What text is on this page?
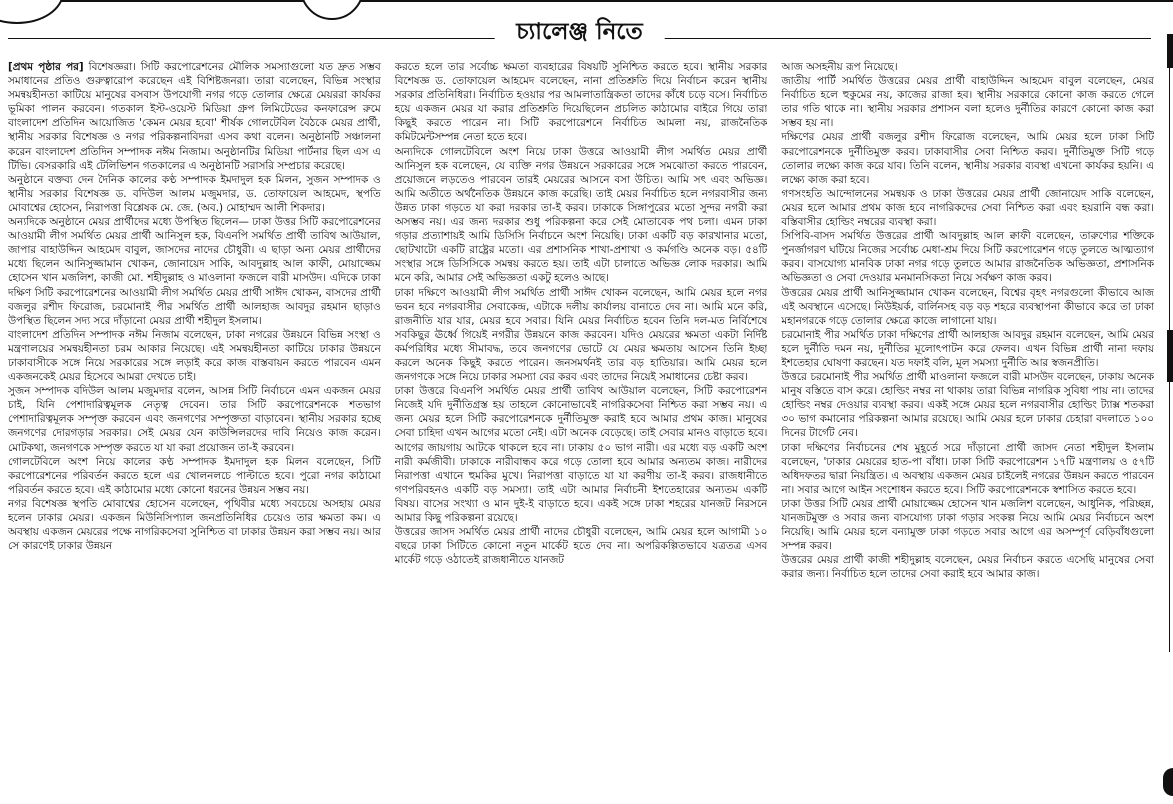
চ্যালেঞ্জ নিতে

[প্রথম পৃষ্ঠার পর] বিশেষজ্ঞরা। সিটি করপোরেশনের মৌলিক সমস্যাগুলো যত দ্রুত সম্ভব সমাধানের প্রতিও গুরুত্বারোপ করেছেন এই বিশিষ্টজনরা। তারা বলেছেন, বিভিন্ন সংস্থার সমন্বয়হীনতা কাটিয়ে মানুষের বসবাস উপযোগী নগর গড়ে তোলার ক্ষেত্রে মেয়ররা কার্যকর ভূমিকা পালন করবেন। গতকাল ইস্ট-ওয়েস্ট মিডিয়া গ্রুপ লিমিটেডের কনফারেন্স রুমে বাংলাদেশ প্রতিদিন আয়োজিত 'কেমন মেয়র হবো' শীর্ষক গোলটেবিল বৈঠকে মেয়র প্রার্থী, স্থানীয় সরকার বিশেষজ্ঞ ও নগর পরিকল্পনাবিদরা এসব কথা বলেন। অনুষ্ঠানটি সঞ্চালনা করেন বাংলাদেশ প্রতিদিন সম্পাদক নঈম নিজাম। অনুষ্ঠানটির মিডিয়া পার্টনার ছিল এস এ টিভি। বেসরকারি এই টেলিভিশন গতকালের এ অনুষ্ঠানটি সরাসরি সম্প্রচার করেছে।

অনুষ্ঠানে বক্তব্য দেন দৈনিক কালের কণ্ঠ সম্পাদক ইমদাদুল হক মিলন, সুজন সম্পাদক ও স্থানীয় সরকার বিশেষজ্ঞ ড. বদিউল আলম মজুমদার, ড. তোফায়েল আহমেদ, স্থপতি মোবাশ্বের হোসেন, নিরাপত্তা বিশ্লেষক মে. জে. (অব.) মোহাম্মদ আলী শিকদার।

অন্যদিকে অনুষ্ঠানে মেয়র প্রার্থীদের মধ্যে উপস্থিত ছিলেন— ঢাকা উত্তর সিটি করপোরেশনের আওয়ামী লীগ সমর্থিত মেয়র প্রার্থী আনিসুল হক, বিএনপি সমর্থিত প্রার্থী তাবিথ আউয়াল, জাপার বাহাউদ্দিন আহমেদ বাবুল, জাসদের নাদের চৌধুরী। এ ছাড়া অন্য মেয়র প্রার্থীদের মধ্যে ছিলেন আনিসুজ্জামান খোকন, জোনায়েদ সাকি, আবদুল্লাহ আল কাফী, মোয়াজ্জেম হোসেন খান মজলিশ, কাজী মো. শহীদুল্লাহ ও মাওলানা ফজলে বারী মাসউদ। এদিকে ঢাকা দক্ষিণ সিটি করপোরেশনের আওয়ামী লীগ সমর্থিত মেয়র প্রার্থী সাঈদ খোকন, বাসদের প্রার্থী বজলুর রশীদ ফিরোজ, চরমোনাই পীর সমর্থিত প্রার্থী আলহাজ আবদুর রহমান ছাড়াও উপস্থিত ছিলেন সদ্য সরে দাঁড়ানো মেয়র প্রার্থী শহীদুল ইসলাম।

বাংলাদেশ প্রতিদিন সম্পাদক নঈম নিজাম বলেছেন, ঢাকা নগরের উন্নয়নে বিভিন্ন সংস্থা ও মন্ত্রণালয়ের সমন্বয়হীনতা চরম আকার নিয়েছে। এই সমন্বয়হীনতা কাটিয়ে ঢাকার উন্নয়নে ঢাকাবাসীকে সঙ্গে নিয়ে সরকারের সঙ্গে লড়াই করে কাজ বাস্তবায়ন করতে পারবেন এমন একজনকেই মেয়র হিসেবে আমরা দেখতে চাই।

সুজন সম্পাদক বদিউল আলম মজুমদার বলেন, আসন্ন সিটি নির্বাচনে এমন একজন মেয়র চাই, যিনি পেশাদারিত্বমূলক নেতৃত্ব দেবেন। তার সিটি করপোরেশনকে শতভাগ পেশাদারিত্বমূলক সম্পৃক্ত করবেন এবং জনগণের সম্পৃক্ততা বাড়াবেন। স্থানীয় সরকার হচ্ছে জনগণের দোরগড়ার সরকার। সেই মেয়র যেন কাউন্সিলরদের দাবি নিয়েও কাজ করেন। মোটকথা, জনগণকে সম্পৃক্ত করতে যা যা করা প্রয়োজন তা-ই করবেন।

গোলটেবিলে অংশ নিয়ে কালের কণ্ঠ সম্পাদক ইমদাদুল হক মিলন বলেছেন, সিটি করপোরেশনের পরিবর্তন করতে হলে এর খোলনলচে পাল্টাতে হবে। পুরো নগর কাঠামো পরিবর্তন করতে হবে। এই কাঠামোর মধ্যে কোনো ধরনের উন্নয়ন সম্ভব নয়।

নগর বিশেষজ্ঞ স্থপতি মোবাশ্বের হোসেন বলেছেন, পৃথিবীর মধ্যে সবচেয়ে অসহায় মেয়র হলেন ঢাকার মেয়র। একজন মিউনিসিপ্যাল জনপ্রতিনিধির চেয়েও তার ক্ষমতা কম। এ অবস্থায় একজন মেয়রের পক্ষে নাগরিকসেবা সুনিশ্চিত বা ঢাকার উন্নয়ন করা সম্ভব নয়। আর সে কারণেই ঢাকার উন্নয়ন

করতে হলে তার সর্বোচ্চ ক্ষমতা ব্যবহারের বিষয়টি সুনিশ্চিত করতে হবে। স্থানীয় সরকার বিশেষজ্ঞ ড. তোফায়েল আহমেদ বলেছেন, নানা প্রতিশ্রুতি দিয়ে নির্বাচন করেন স্থানীয় সরকার প্রতিনিধিরা। নির্বাচিত হওয়ার পর আমলাতান্ত্রিকতা তাদের কাঁধে চড়ে বসে। নির্বাচিত হয়ে একজন মেয়র যা করার প্রতিশ্রুতি দিয়েছিলেন প্রচলিত কাঠামোর বাইরে গিয়ে তারা কিছুই করতে পারেন না। সিটি করপোরেশনে নির্বাচিত আমলা নয়, রাজনৈতিক কমিটমেন্টসম্পন্ন নেতা হতে হবে।

অন্যদিকে গোলটেবিলে অংশ নিয়ে ঢাকা উত্তরে আওয়ামী লীগ সমর্থিত মেয়র প্রার্থী আনিসুল হক বলেছেন, যে ব্যক্তি নগর উন্নয়নে সরকারের সঙ্গে সমঝোতা করতে পারবেন, প্রয়োজনে লড়তেও পারবেন তারই মেয়রের আসনে বসা উচিত। আমি সৎ এবং অভিজ্ঞ। আমি অতীতে অর্থনৈতিক উন্নয়নে কাজ করেছি। তাই মেয়র নির্বাচিত হলে নগরবাসীর জন্য উন্নত ঢাকা গড়তে যা করা দরকার তা-ই করব। ঢাকাকে সিঙ্গাপুরের মতো সুন্দর নগরী করা অসম্ভব নয়। এর জন্য দরকার শুধু পরিকল্পনা করে সেই মোতাবেক পথ চলা। এমন ঢাকা গড়ার প্রত্যাশায়ই আমি ডিসিসি নির্বাচনে অংশ নিয়েছি। ঢাকা একটি বড় কারখানার মতো, ছোটখাটো একটি রাষ্ট্রের মতো। এর প্রশাসনিক শাখা-প্রশাখা ও কর্মগণ্ডি অনেক বড়। ৫৪টি সংস্থার সঙ্গে ডিসিসিকে সমন্বয় করতে হয়। তাই এটা চালাতে অভিজ্ঞ লোক দরকার। আমি মনে করি, আমার সেই অভিজ্ঞতা একটু হলেও আছে।

ঢাকা দক্ষিণে আওয়ামী লীগ সমর্থিত প্রার্থী সাঈদ খোকন বলেছেন, আমি মেয়র হলে নগর ভবন হবে নগরবাসীর সেবাকেন্দ্র, এটাকে দলীয় কার্যালয় বানাতে দেব না। আমি মনে করি, রাজনীতি যার যার, মেয়র হবে সবার। যিনি মেয়র নির্বাচিত হবেন তিনি দল-মত নির্বিশেষে সবকিছুর ঊর্ধ্বে গিয়েই নগরীর উন্নয়নে কাজ করবেন। যদিও মেয়রের ক্ষমতা একটা নির্দিষ্ট কর্মপরিধির মধ্যে সীমাবদ্ধ, তবে জনগণের ভোটে যে মেয়র ক্ষমতায় আসেন তিনি ইচ্ছা করলে অনেক কিছুই করতে পারেন। জনসমর্থনই তার বড় হাতিয়ার। আমি মেয়র হলে জনগণকে সঙ্গে নিয়ে ঢাকার সমস্যা বের করব এবং তাদের নিয়েই সমাধানের চেষ্টা করব।

ঢাকা উত্তরে বিএনপি সমর্থিত মেয়র প্রার্থী তাবিথ আউয়াল বলেছেন, সিটি করপোরেশন নিজেই যদি দুর্নীতিগ্রস্ত হয় তাহলে কোনোভাবেই নাগরিকসেবা নিশ্চিত করা সম্ভব নয়। এ জন্য মেয়র হলে সিটি করপোরেশনকে দুর্নীতিমুক্ত করাই হবে আমার প্রথম কাজ। মানুষের সেবা চাহিদা এখন আগের মতো নেই। এটা অনেক বেড়েছে। তাই সেবার মানও বাড়াতে হবে। আগের জায়গায় আটকে থাকলে হবে না। ঢাকায় ৫০ ভাগ নারী। এর মধ্যে বড় একটি অংশ নারী কর্মজীবী। ঢাকাকে নারীবান্ধব করে গড়ে তোলা হবে আমার অন্যতম কাজ। নারীদের নিরাপত্তা এখানে হুমকির মুখে। নিরাপত্তা বাড়াতে যা যা করণীয় তা-ই করব। রাজধানীতে গণপরিবহনও একটি বড় সমস্যা। তাই এটা আমার নির্বাচনী ইশতেহারের অন্যতম একটি বিষয়। বাসের সংখ্যা ও মান দুই-ই বাড়াতে হবে। একই সঙ্গে ঢাকা শহরের যানজট নিরসনে আমার কিছু পরিকল্পনা রয়েছে।

উত্তরের জাসদ সমর্থিত মেয়র প্রার্থী নাদের চৌধুরী বলেছেন, আমি মেয়র হলে আগামী ১০ বছরে ঢাকা সিটিতে কোনো নতুন মার্কেট হতে দেব না। অপরিকল্পিতভাবে যত্রতত্র এসব মার্কেট গড়ে ওঠাতেই রাজধানীতে যানজট

আজ অসহনীয় রূপ নিয়েছে।

জাতীয় পার্টি সমর্থিত উত্তরের মেয়র প্রার্থী বাহাউদ্দিন আহমেদ বাবুল বলেছেন, মেয়র নির্বাচিত হলে হুকুমের নয়, কাজের রাজা হব। স্থানীয় সরকারে কোনো কাজ করতে গেলে তার গতি থাকে না। স্থানীয় সরকার প্রশাসন বলা হলেও দুর্নীতির কারণে কোনো কাজ করা সম্ভব হয় না।

দক্ষিণের মেয়র প্রার্থী বজলুর রশীদ ফিরোজ বলেছেন, আমি মেয়র হলে ঢাকা সিটি করপোরেশনকে দুর্নীতিমুক্ত করব। ঢাকাবাসীর সেবা নিশ্চিত করব। দুর্নীতিমুক্ত সিটি গড়ে তোলার লক্ষ্যে কাজ করে যাব। তিনি বলেন, স্থানীয় সরকার ব্যবস্থা এখনো কার্যকর হয়নি। এ লক্ষ্যে কাজ করা হবে।

গণসংহতি আন্দোলনের সমন্বয়ক ও ঢাকা উত্তরের মেয়র প্রার্থী জোনায়েদ সাকি বলেছেন, মেয়র হলে আমার প্রথম কাজ হবে নাগরিকদের সেবা নিশ্চিত করা এবং হয়রানি বন্ধ করা। বস্তিবাসীর হোল্ডিং নম্বরের ব্যবস্থা করা।

সিপিবি-বাসদ সমর্থিত উত্তরের প্রার্থী আবদুল্লাহ আল ক্বাফী বলেছেন, তারুণ্যের শক্তিকে পুনর্জাগরণ ঘটিয়ে নিজের সর্বোচ্চ মেধা-শ্রম দিয়ে সিটি করপোরেশন গড়ে তুলতে আত্মত্যাগ করব। বাসযোগ্য মানবিক ঢাকা নগর গড়ে তুলতে আমার রাজনৈতিক অভিজ্ঞতা, প্রশাসনিক অভিজ্ঞতা ও সেবা দেওয়ার মনমানসিকতা নিয়ে সর্বক্ষণ কাজ করব।

উত্তরের মেয়র প্রার্থী আনিসুজ্জামান খোকন বলেছেন, বিশ্বের বৃহৎ নগরগুলো কীভাবে আজ এই অবস্থানে এসেছে। নিউইয়র্ক, বার্লিনসহ বড় বড় শহরে ব্যবস্থাপনা কীভাবে করে তা ঢাকা মহানগরকে গড়ে তোলার ক্ষেত্রে কাজে লাগানো যায়।

চরমোনাই পীর সমর্থিত ঢাকা দক্ষিণের প্রার্থী আলহাজ আবদুর রহমান বলেছেন, আমি মেয়র হলে দুর্নীতি দমন নয়, দুর্নীতির মূলোৎপাটন করে ফেলব। এখন বিভিন্ন প্রার্থী নানা দফায় ইশতেহার ঘোষণা করছেন। যত দফাই বলি, মূল সমস্যা দুর্নীতি আর স্বজনপ্রীতি।

উত্তরে চরমোনাই পীর সমর্থিত প্রার্থী মাওলানা ফজলে বারী মাসউদ বলেছেন, ঢাকায় অনেক মানুষ বস্তিতে বাস করে। হোল্ডিং নম্বর না থাকায় তারা বিভিন্ন নাগরিক সুবিধা পায় না। তাদের হোল্ডিং নম্বর দেওয়ার ব্যবস্থা করব। একই সঙ্গে মেয়র হলে নগরবাসীর হোল্ডিং ট্যাক্স শতকরা ৩০ ভাগ কমানোর পরিকল্পনা আমার রয়েছে। আমি মেয়র হলে ঢাকার চেহারা বদলাতে ১০০ দিনের টার্গেট নেব।

ঢাকা দক্ষিণের নির্বাচনের শেষ মুহূর্তে সরে দাঁড়ানো প্রার্থী জাসদ নেতা শহীদুল ইসলাম বলেছেন, 'ঢাকার মেয়রের হাত-পা বাঁধা। ঢাকা সিটি করপোরেশন ১৭টি মন্ত্রণালয় ও ৫৭টি অধিদফতর দ্বারা নিয়ন্ত্রিত। এ অবস্থায় একজন মেয়র চাইলেই নগরের উন্নয়ন করতে পারবেন না। সবার আগে আইন সংশোধন করতে হবে। সিটি করপোরেশনকে স্বশাসিত করতে হবে।

ঢাকা উত্তর সিটি মেয়র প্রার্থী মোয়াজ্জেম হোসেন খান মজলিশ বলেছেন, আধুনিক, পরিচ্ছন্ন, যানজটমুক্ত ও সবার জন্য বাসযোগ্য ঢাকা গড়ার সংকল্প নিয়ে আমি মেয়র নির্বাচনে অংশ নিয়েছি। আমি মেয়র হলে বন্যামুক্ত ঢাকা গড়তে সবার আগে এর অসম্পূর্ণ বেড়িবাঁধগুলো সম্পন্ন করব।

উত্তরের মেয়র প্রার্থী কাজী শহীদুল্লাহ বলেছেন, মেয়র নির্বাচন করতে এসেছি মানুষের সেবা করার জন্য। নির্বাচিত হলে তাদের সেবা করাই হবে আমার কাজ।
